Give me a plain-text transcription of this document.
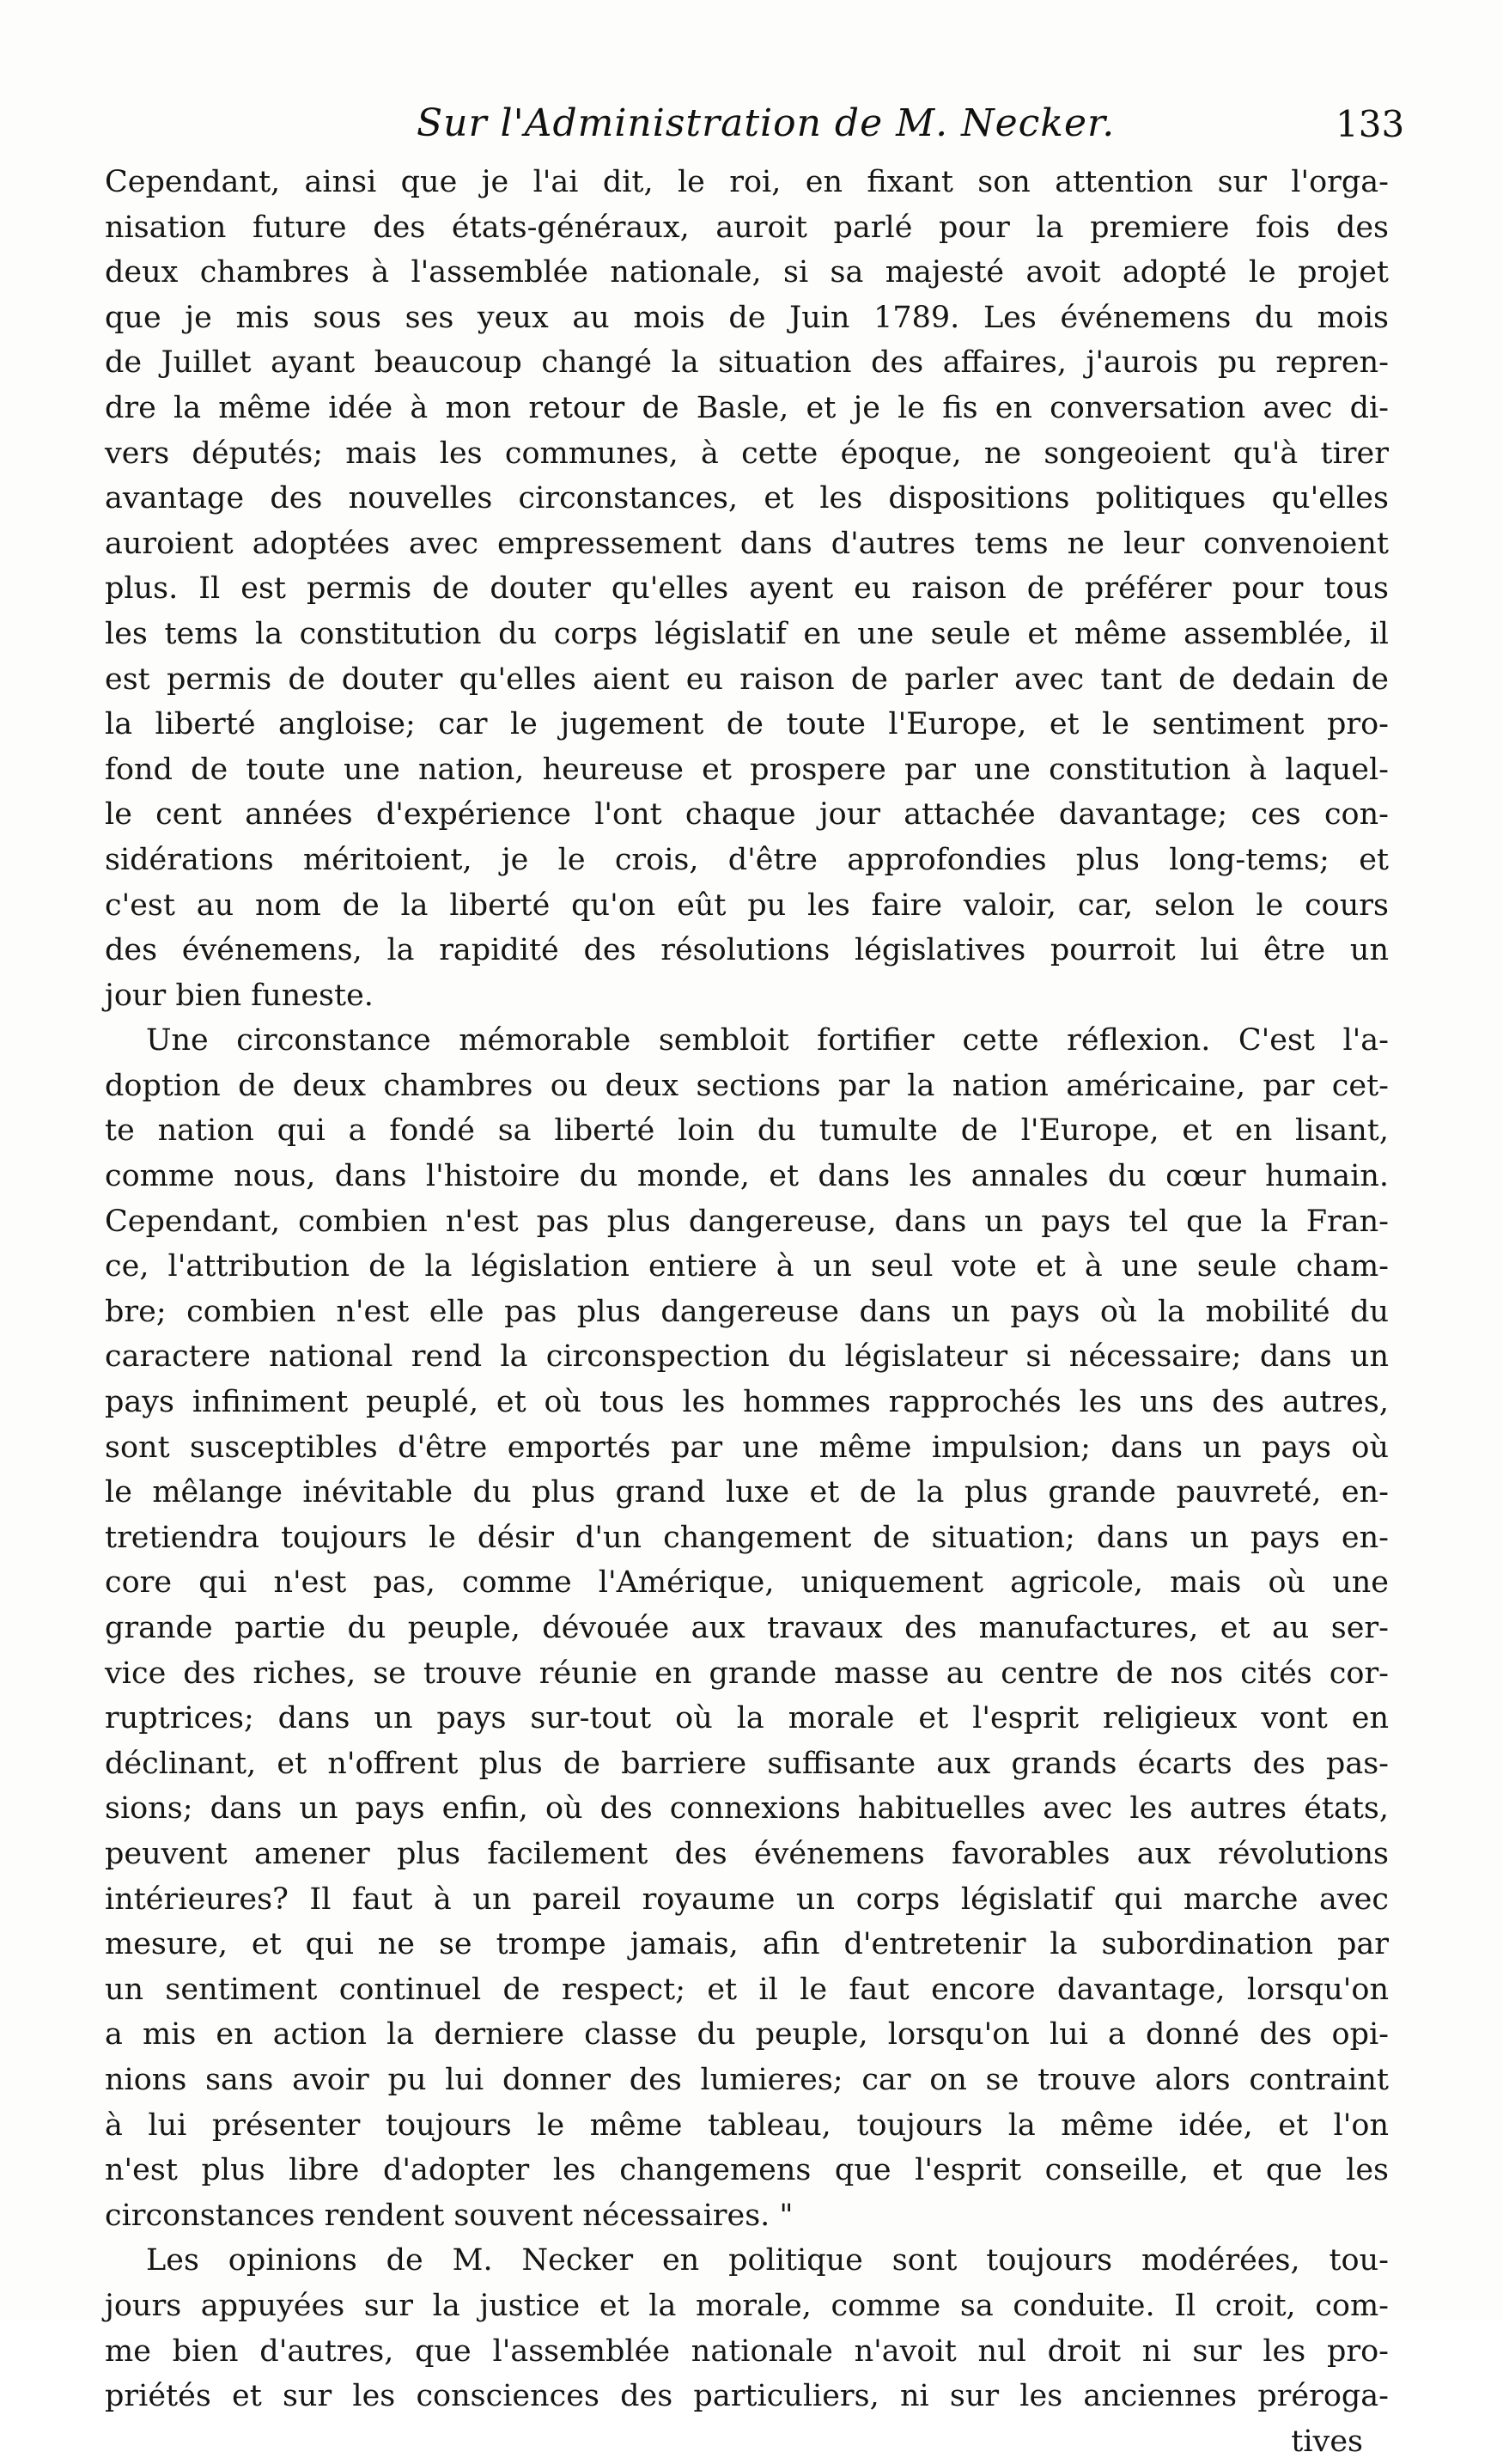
Sur l'Administration de M. Necker.	133
Cependant, ainsi que je l'ai dit, le roi, en fixant son attention sur l'orga-
nisation future des états-généraux, auroit parlé pour la premiere fois des
deux chambres à l'assemblée nationale, si sa majesté avoit adopté le projet
que je mis sous ses yeux au mois de Juin 1789. Les événemens du mois
de Juillet ayant beaucoup changé la situation des affaires, j'aurois pu repren-
dre la même idée à mon retour de Basle, et je le fis en conversation avec di-
vers députés; mais les communes, à cette époque, ne songeoient qu'à tirer
avantage des nouvelles circonstances, et les dispositions politiques qu'elles
auroient adoptées avec empressement dans d'autres tems ne leur convenoient
plus. Il est permis de douter qu'elles ayent eu raison de préférer pour tous
les tems la constitution du corps législatif en une seule et même assemblée, il
est permis de douter qu'elles aient eu raison de parler avec tant de dedain de
la liberté angloise; car le jugement de toute l'Europe, et le sentiment pro-
fond de toute une nation, heureuse et prospere par une constitution à laquel-
le cent années d'expérience l'ont chaque jour attachée davantage; ces con-
sidérations méritoient, je le crois, d'être approfondies plus long-tems; et
c'est au nom de la liberté qu'on eût pu les faire valoir, car, selon le cours
des événemens, la rapidité des résolutions législatives pourroit lui être un
jour bien funeste.
Une circonstance mémorable sembloit fortifier cette réflexion. C'est l'a-
doption de deux chambres ou deux sections par la nation américaine, par cet-
te nation qui a fondé sa liberté loin du tumulte de l'Europe, et en lisant,
comme nous, dans l'histoire du monde, et dans les annales du cœur humain.
Cependant, combien n'est pas plus dangereuse, dans un pays tel que la Fran-
ce, l'attribution de la législation entiere à un seul vote et à une seule cham-
bre; combien n'est elle pas plus dangereuse dans un pays où la mobilité du
caractere national rend la circonspection du législateur si nécessaire; dans un
pays infiniment peuplé, et où tous les hommes rapprochés les uns des autres,
sont susceptibles d'être emportés par une même impulsion; dans un pays où
le mêlange inévitable du plus grand luxe et de la plus grande pauvreté, en-
tretiendra toujours le désir d'un changement de situation; dans un pays en-
core qui n'est pas, comme l'Amérique, uniquement agricole, mais où une
grande partie du peuple, dévouée aux travaux des manufactures, et au ser-
vice des riches, se trouve réunie en grande masse au centre de nos cités cor-
ruptrices; dans un pays sur-tout où la morale et l'esprit religieux vont en
déclinant, et n'offrent plus de barriere suffisante aux grands écarts des pas-
sions; dans un pays enfin, où des connexions habituelles avec les autres états,
peuvent amener plus facilement des événemens favorables aux révolutions
intérieures? Il faut à un pareil royaume un corps législatif qui marche avec
mesure, et qui ne se trompe jamais, afin d'entretenir la subordination par
un sentiment continuel de respect; et il le faut encore davantage, lorsqu'on
a mis en action la derniere classe du peuple, lorsqu'on lui a donné des opi-
nions sans avoir pu lui donner des lumieres; car on se trouve alors contraint
à lui présenter toujours le même tableau, toujours la même idée, et l'on
n'est plus libre d'adopter les changemens que l'esprit conseille, et que les
circonstances rendent souvent nécessaires. "
Les opinions de M. Necker en politique sont toujours modérées, tou-
jours appuyées sur la justice et la morale, comme sa conduite. Il croit, com-
me bien d'autres, que l'assemblée nationale n'avoit nul droit ni sur les pro-
priétés et sur les consciences des particuliers, ni sur les anciennes préroga-
tives
